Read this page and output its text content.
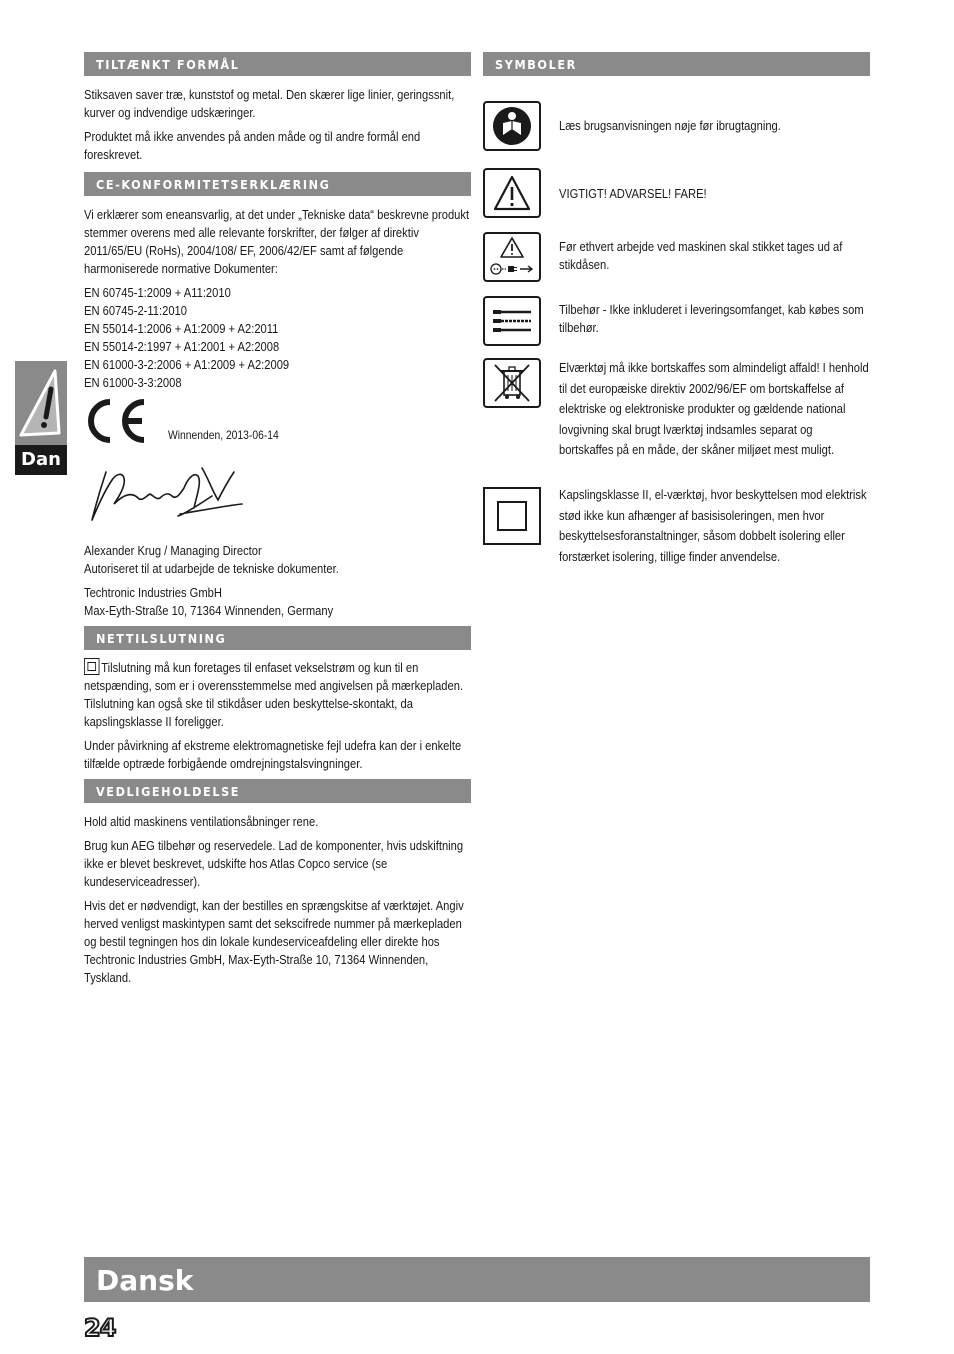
TILTÆNKT FORMÅL

Stiksaven saver træ, kunststof og metal. Den skærer lige linier, geringssnit, kurver og indvendige udskæringer.

Produktet må ikke anvendes på anden måde og til andre formål end foreskrevet.

CE-KONFORMITETSERKLÆRING

Vi erklærer som eneansvarlig, at det under „Tekniske data“ beskrevne produkt stemmer overens med alle relevante forskrifter, der følger af direktiv 2011/65/EU (RoHs), 2004/108/ EF, 2006/42/EF samt af følgende harmoniserede normative Dokumenter:

EN 60745-1:2009 + A11:2010
EN 60745-2-11:2010
EN 55014-1:2006 + A1:2009 + A2:2011
EN 55014-2:1997 + A1:2001 + A2:2008
EN 61000-3-2:2006 + A1:2009 + A2:2009
EN 61000-3-3:2008
Winnenden, 2013-06-14
Alexander Krug / Managing Director
Autoriseret til at udarbejde de tekniske dokumenter.
Techtronic Industries GmbH
Max-Eyth-Straße 10, 71364 Winnenden, Germany
NETTILSLUTNING

Tilslutning må kun foretages til enfaset vekselstrøm og kun til en netspænding, som er i overensstemmelse med angivelsen på mærkepladen. Tilslutning kan også ske til stikdåser uden beskyttelse-skontakt, da kapslingsklasse II foreligger.

Under påvirkning af ekstreme elektromagnetiske fejl udefra kan der i enkelte tilfælde optræde forbigående omdrejningstalsvingninger.

VEDLIGEHOLDELSE

Hold altid maskinens ventilationsåbninger rene.

Brug kun AEG tilbehør og reservedele. Lad de komponenter, hvis udskiftning ikke er blevet beskrevet, udskifte hos Atlas Copco service (se kundeserviceadresser).

Hvis det er nødvendigt, kan der bestilles en sprængskitse af værktøjet. Angiv herved venligst maskintypen samt det sekscifrede nummer på mærkepladen og bestil tegningen hos din lokale kundeserviceafdeling eller direkte hos Techtronic Industries GmbH, Max-Eyth-Straße 10, 71364 Winnenden, Tyskland.

SYMBOLER
Læs brugsanvisningen nøje før ibrugtagning.
VIGTIGT! ADVARSEL! FARE!
Før ethvert arbejde ved maskinen skal stikket tages ud af stikdåsen.
Tilbehør - Ikke inkluderet i leveringsomfanget, kab købes som tilbehør.
Elværktøj må ikke bortskaffes som almindeligt affald! I henhold til det europæiske direktiv 2002/96/EF om bortskaffelse af elektriske og elektroniske produkter og gældende national lovgivning skal brugt lværktøj indsamles separat og bortskaffes på en måde, der skåner miljøet mest muligt.
Kapslingsklasse II, el-værktøj, hvor beskyttelsen mod elektrisk stød ikke kun afhænger af basisisoleringen, men hvor beskyttelsesforanstaltninger, såsom dobbelt isolering eller forstærket isolering, tillige finder anvendelse.
Dan
Dansk
24
